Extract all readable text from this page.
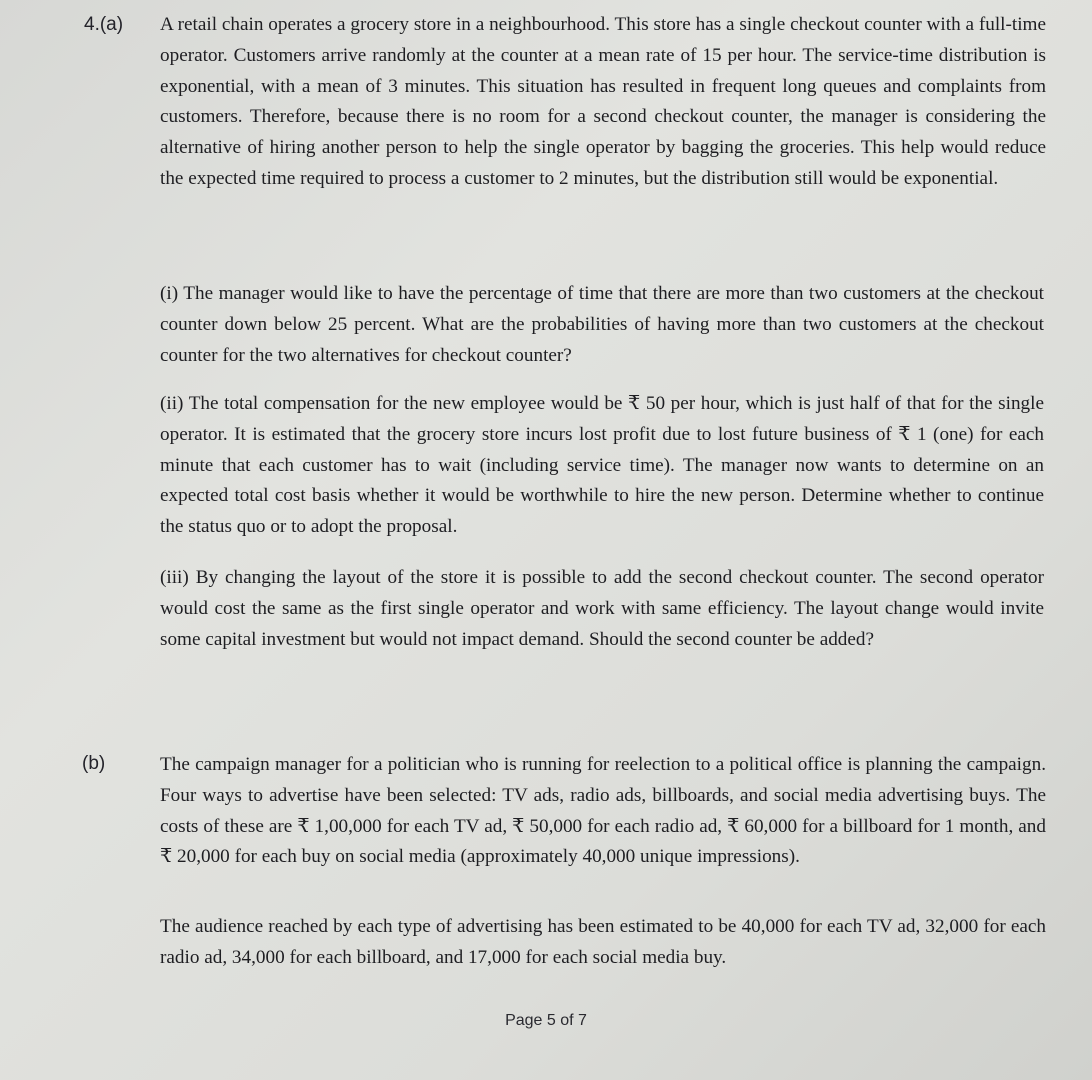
4.(a) A retail chain operates a grocery store in a neighbourhood. This store has a single checkout counter with a full-time operator. Customers arrive randomly at the counter at a mean rate of 15 per hour. The service-time distribution is exponential, with a mean of 3 minutes. This situation has resulted in frequent long queues and complaints from customers. Therefore, because there is no room for a second checkout counter, the manager is considering the alternative of hiring another person to help the single operator by bagging the groceries. This help would reduce the expected time required to process a customer to 2 minutes, but the distribution still would be exponential.

(i) The manager would like to have the percentage of time that there are more than two customers at the checkout counter down below 25 percent. What are the probabilities of having more than two customers at the checkout counter for the two alternatives for checkout counter?

(ii) The total compensation for the new employee would be ₹ 50 per hour, which is just half of that for the single operator. It is estimated that the grocery store incurs lost profit due to lost future business of ₹ 1 (one) for each minute that each customer has to wait (including service time). The manager now wants to determine on an expected total cost basis whether it would be worthwhile to hire the new person. Determine whether to continue the status quo or to adopt the proposal.

(iii) By changing the layout of the store it is possible to add the second checkout counter. The second operator would cost the same as the first single operator and work with same efficiency. The layout change would invite some capital investment but would not impact demand. Should the second counter be added?

(b)	The campaign manager for a politician who is running for reelection to a political office is planning the campaign. Four ways to advertise have been selected: TV ads, radio ads, billboards, and social media advertising buys. The costs of these are ₹ 1,00,000 for each TV ad, ₹ 50,000 for each radio ad, ₹ 60,000 for a billboard for 1 month, and ₹ 20,000 for each buy on social media (approximately 40,000 unique impressions).

The audience reached by each type of advertising has been estimated to be 40,000 for each TV ad, 32,000 for each radio ad, 34,000 for each billboard, and 17,000 for each social media buy.

Page 5 of 7
